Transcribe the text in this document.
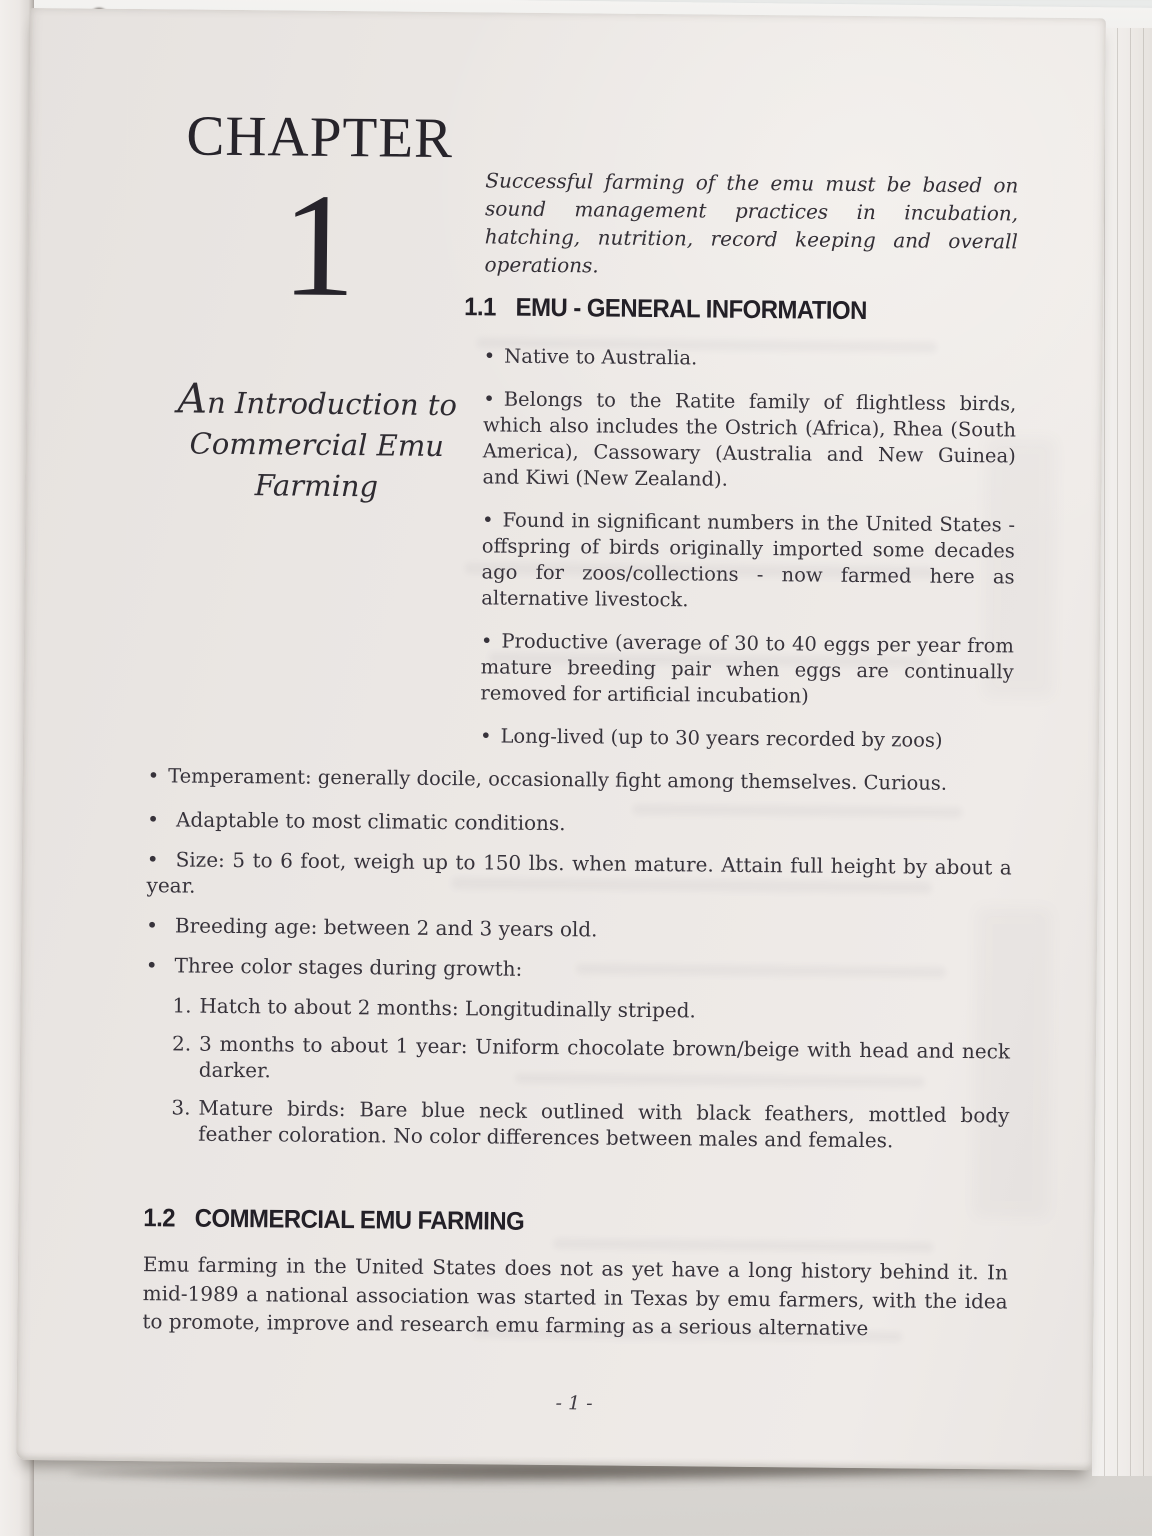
CHAPTER
1
An Introduction to Commercial Emu Farming

Successful farming of the emu must be based on sound management practices in incubation, hatching, nutrition, record keeping and overall operations.

1.1 EMU - GENERAL INFORMATION

• Native to Australia.

• Belongs to the Ratite family of flightless birds, which also includes the Ostrich (Africa), Rhea (South America), Cassowary (Australia and New Guinea) and Kiwi (New Zealand).

• Found in significant numbers in the United States - offspring of birds originally imported some decades ago for zoos/collections - now farmed here as alternative livestock.

• Productive (average of 30 to 40 eggs per year from mature breeding pair when eggs are continually removed for artificial incubation)

• Long-lived (up to 30 years recorded by zoos)

• Temperament: generally docile, occasionally fight among themselves. Curious.

• Adaptable to most climatic conditions.

• Size: 5 to 6 foot, weigh up to 150 lbs. when mature. Attain full height by about a year.

• Breeding age: between 2 and 3 years old.

• Three color stages during growth:

1. Hatch to about 2 months: Longitudinally striped.

2. 3 months to about 1 year: Uniform chocolate brown/beige with head and neck darker.

3. Mature birds: Bare blue neck outlined with black feathers, mottled body feather coloration. No color differences between males and females.

1.2 COMMERCIAL EMU FARMING

Emu farming in the United States does not as yet have a long history behind it. In mid-1989 a national association was started in Texas by emu farmers, with the idea to promote, improve and research emu farming as a serious alternative

- 1 -
